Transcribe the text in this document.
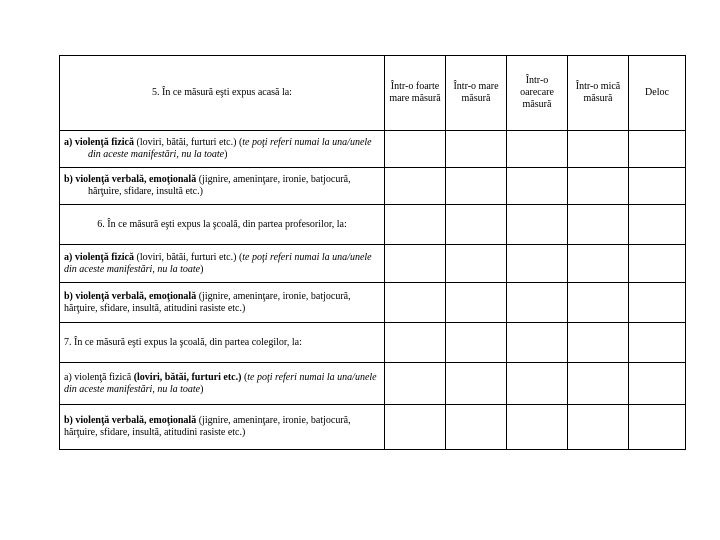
5. În ce măsură eşti expus acasă la:	Într-o foarte mare măsură	Într-o mare măsură	Într-o oarecare măsură	Într-o mică măsură	Deloc
a) violenţă fizică (loviri, bătăi, furturi etc.) (te poţi referi numai la una/unele din aceste manifestări, nu la toate)					
b) violenţă verbală, emoţională (jignire, ameninţare, ironie, batjocură, hărţuire, sfidare, insultă etc.)					
6. În ce măsură eşti expus la şcoală, din partea profesorilor, la:					
a) violenţă fizică (loviri, bătăi, furturi etc.) (te poţi referi numai la una/unele din aceste manifestări, nu la toate)					
b) violenţă verbală, emoţională (jignire, ameninţare, ironie, batjocură, hărţuire, sfidare, insultă, atitudini rasiste etc.)					
7. În ce măsură eşti expus la şcoală, din partea colegilor, la:					
a) violenţă fizică (loviri, bătăi, furturi etc.) (te poţi referi numai la una/unele din aceste manifestări, nu la toate)					
b) violenţă verbală, emoţională (jignire, ameninţare, ironie, batjocură, hărţuire, sfidare, insultă, atitudini rasiste etc.)					
